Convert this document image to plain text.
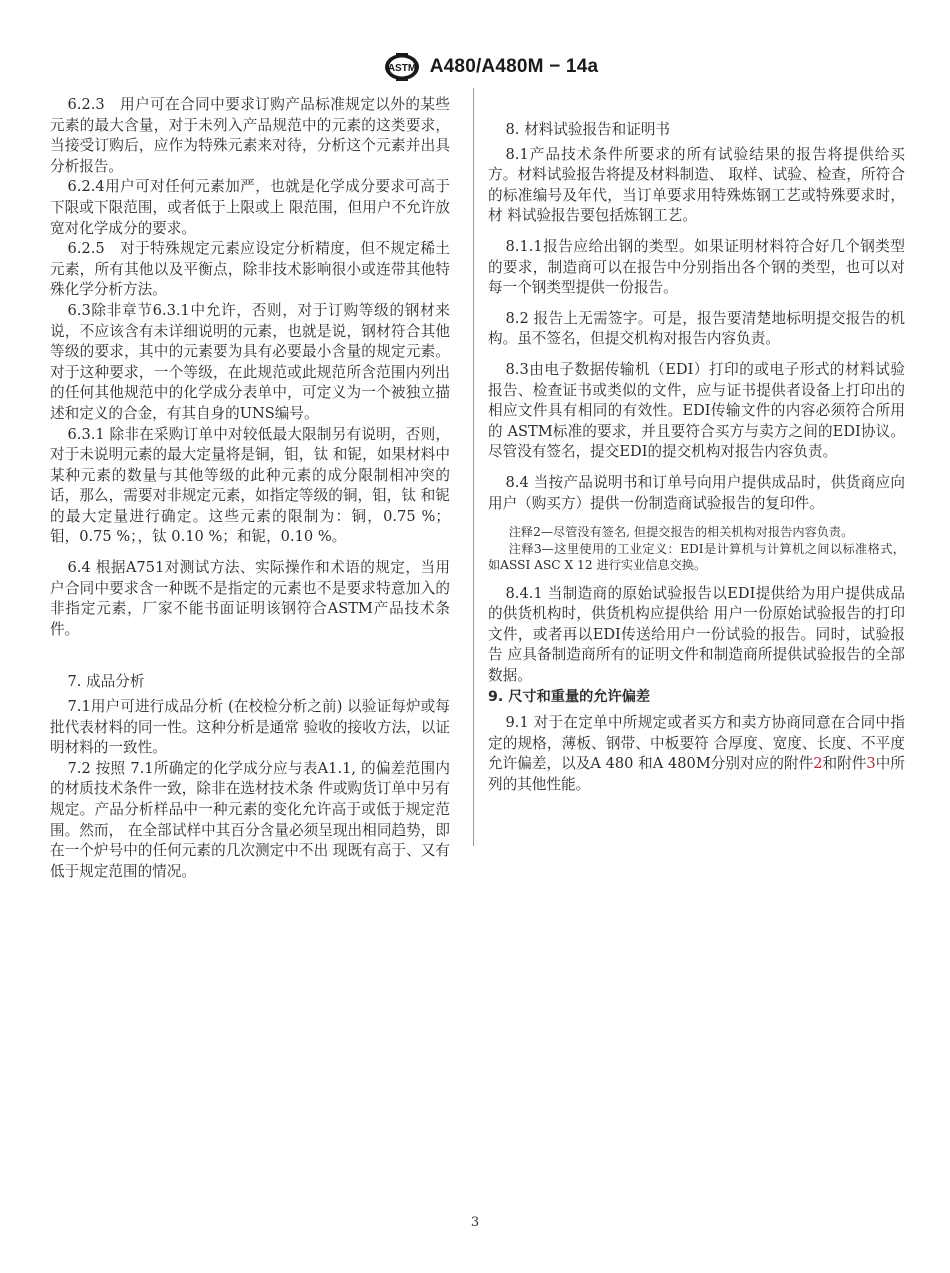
ASTM A480/A480M − 14a

6.2.3　用户可在合同中要求订购产品标准规定以外的某些元素的最大含量，对于未列入产品规范中的元素的这类要求，当接受订购后，应作为特殊元素来对待，分析这个元素并出具分析报告。

6.2.4用户可对任何元素加严，也就是化学成分要求可高于下限或下限范围，或者低于上限或上 限范围，但用户不允许放宽对化学成分的要求。

6.2.5　对于特殊规定元素应设定分析精度，但不规定稀土元素，所有其他以及平衡点，除非技术影响很小或连带其他特殊化学分析方法。

6.3除非章节6.3.1中允许，否则，对于订购等级的钢材来说，不应该含有未详细说明的元素，也就是说，钢材符合其他等级的要求，其中的元素要为具有必要最小含量的规定元素。对于这种要求，一个等级，在此规范或此规范所含范围内列出的任何其他规范中的化学成分表单中，可定义为一个被独立描述和定义的合金，有其自身的UNS编号。

6.3.1 除非在采购订单中对较低最大限制另有说明，否则，对于未说明元素的最大定量将是铜，钼，钛 和铌，如果材料中某种元素的数量与其他等级的此种元素的成分限制相冲突的话，那么，需要对非规定元素，如指定等级的铜，钼，钛 和铌的最大定量进行确定。这些元素的限制为：铜，0.75 %；钼，0.75 %；，钛 0.10 %；和铌，0.10 %。

6.4 根据A751对测试方法、实际操作和术语的规定，当用户合同中要求含一种既不是指定的元素也不是要求特意加入的非指定元素，厂家不能书面证明该钢符合ASTM产品技术条件。

7. 成品分析

7.1用户可进行成品分析 (在校检分析之前) 以验证每炉或每批代表材料的同一性。这种分析是通常 验收的接收方法，以证明材料的一致性。

7.2 按照 7.1所确定的化学成分应与表A1.1, 的偏差范围内的材质技术条件一致，除非在选材技术条 件或购货订单中另有规定。产品分析样品中一种元素的变化允许高于或低于规定范围。然而， 在全部试样中其百分含量必须呈现出相同趋势，即在一个炉号中的任何元素的几次测定中不出 现既有高于、又有低于规定范围的情况。

8. 材料试验报告和证明书

8.1产品技术条件所要求的所有试验结果的报告将提供给买方。材料试验报告将提及材料制造、 取样、试验、检查，所符合的标准编号及年代，当订单要求用特殊炼钢工艺或特殊要求时，材 料试验报告要包括炼钢工艺。

8.1.1报告应给出钢的类型。如果证明材料符合好几个钢类型的要求，制造商可以在报告中分别指出各个钢的类型，也可以对每一个钢类型提供一份报告。

8.2 报告上无需签字。可是，报告要清楚地标明提交报告的机构。虽不签名，但提交机构对报告内容负责。

8.3由电子数据传输机（EDI）打印的或电子形式的材料试验报告、检查证书或类似的文件，应与证书提供者设备上打印出的相应文件具有相同的有效性。EDI传输文件的内容必须符合所用的 ASTM标准的要求，并且要符合买方与卖方之间的EDI协议。尽管没有签名，提交EDI的提交机构对报告内容负责。

8.4 当按产品说明书和订单号向用户提供成品时，供货商应向用户（购买方）提供一份制造商试验报告的复印件。

注释2—尽管没有签名, 但提交报告的相关机构对报告内容负责。

注释3—这里使用的工业定义：EDI是计算机与计算机之间以标准格式，如ASSI ASC X 12 进行实业信息交换。

8.4.1 当制造商的原始试验报告以EDI提供给为用户提供成品的供货机构时，供货机构应提供给 用户一份原始试验报告的打印文件，或者再以EDI传送给用户一份试验的报告。同时，试验报告 应具备制造商所有的证明文件和制造商所提供试验报告的全部数据。

9. 尺寸和重量的允许偏差

9.1 对于在定单中所规定或者买方和卖方协商同意在合同中指定的规格，薄板、钢带、中板要符 合厚度、宽度、长度、不平度允许偏差，以及A 480 和A 480M分别对应的附件2和附件3中所 列的其他性能。

3
